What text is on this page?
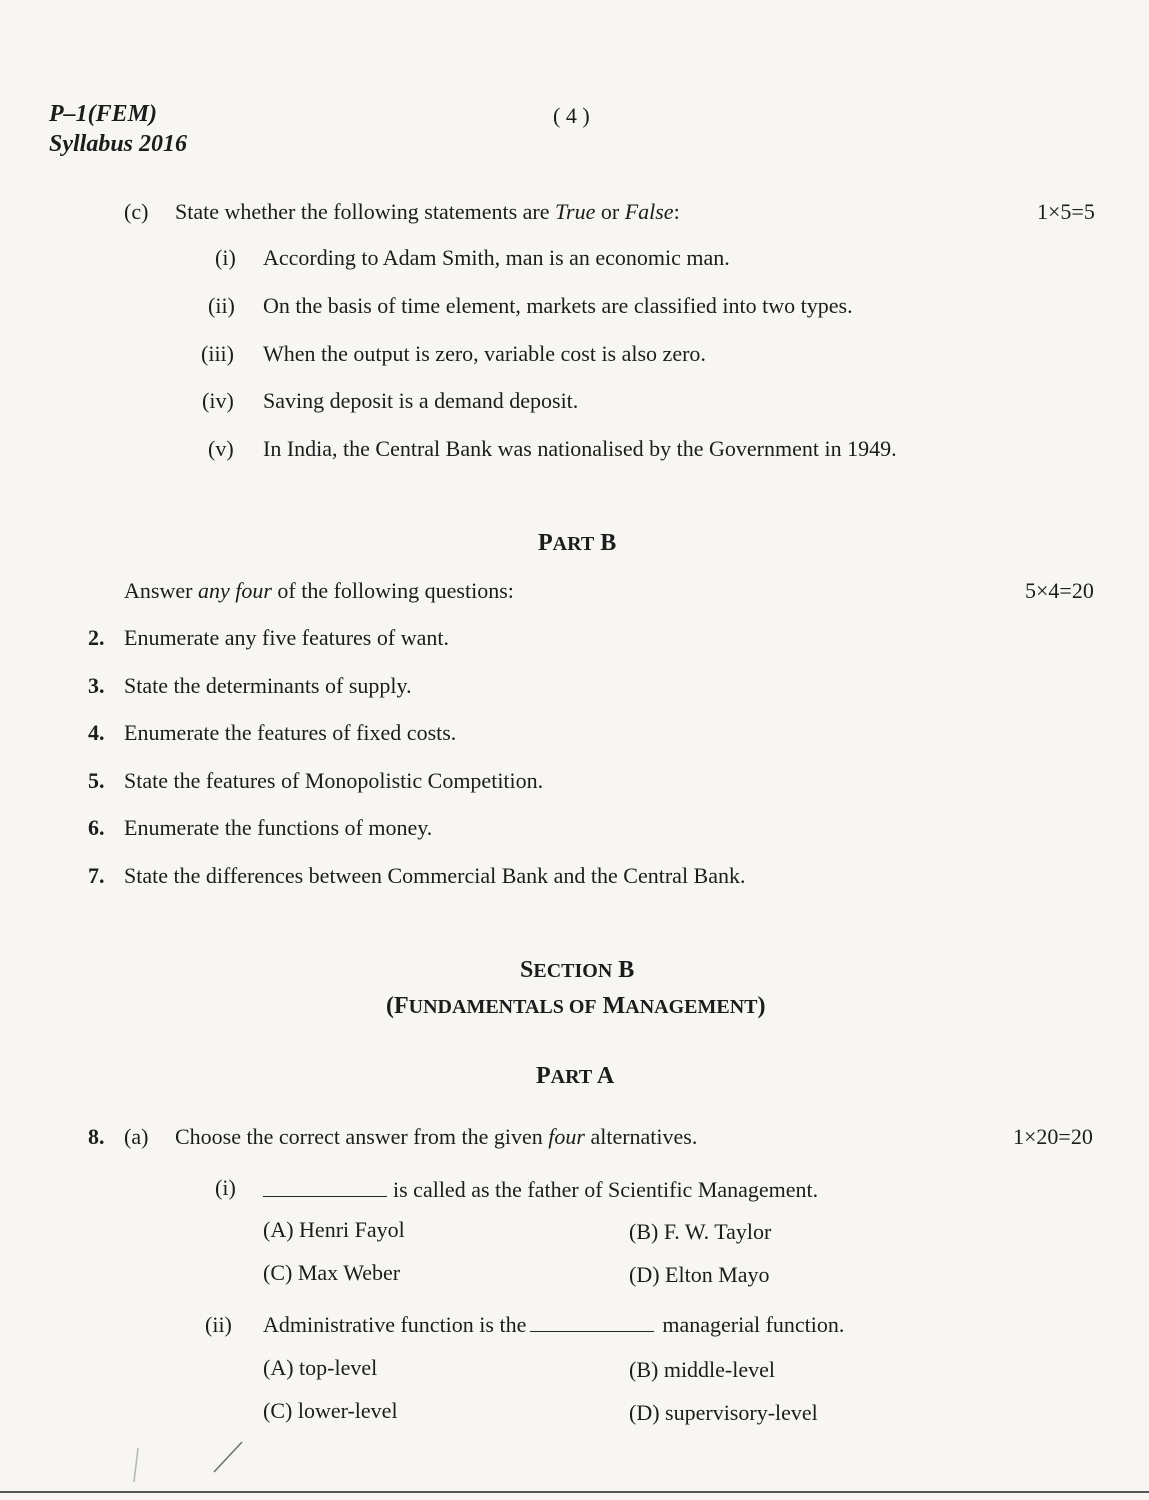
P–1(FEM)
Syllabus 2016
( 4 )
(c) State whether the following statements are True or False:	1×5=5
(i) According to Adam Smith, man is an economic man.
(ii) On the basis of time element, markets are classified into two types.
(iii) When the output is zero, variable cost is also zero.
(iv) Saving deposit is a demand deposit.
(v) In India, the Central Bank was nationalised by the Government in 1949.
PART B
Answer any four of the following questions:	5×4=20
2. Enumerate any five features of want.
3. State the determinants of supply.
4. Enumerate the features of fixed costs.
5. State the features of Monopolistic Competition.
6. Enumerate the functions of money.
7. State the differences between Commercial Bank and the Central Bank.
SECTION B
(FUNDAMENTALS OF MANAGEMENT)
PART A
8. (a) Choose the correct answer from the given four alternatives.	1×20=20
(i)	is called as the father of Scientific Management.
(A) Henri Fayol	(B) F. W. Taylor
(C) Max Weber	(D) Elton Mayo
(ii) Administrative function is the	managerial function.
(A) top-level	(B) middle-level
(C) lower-level	(D) supervisory-level
